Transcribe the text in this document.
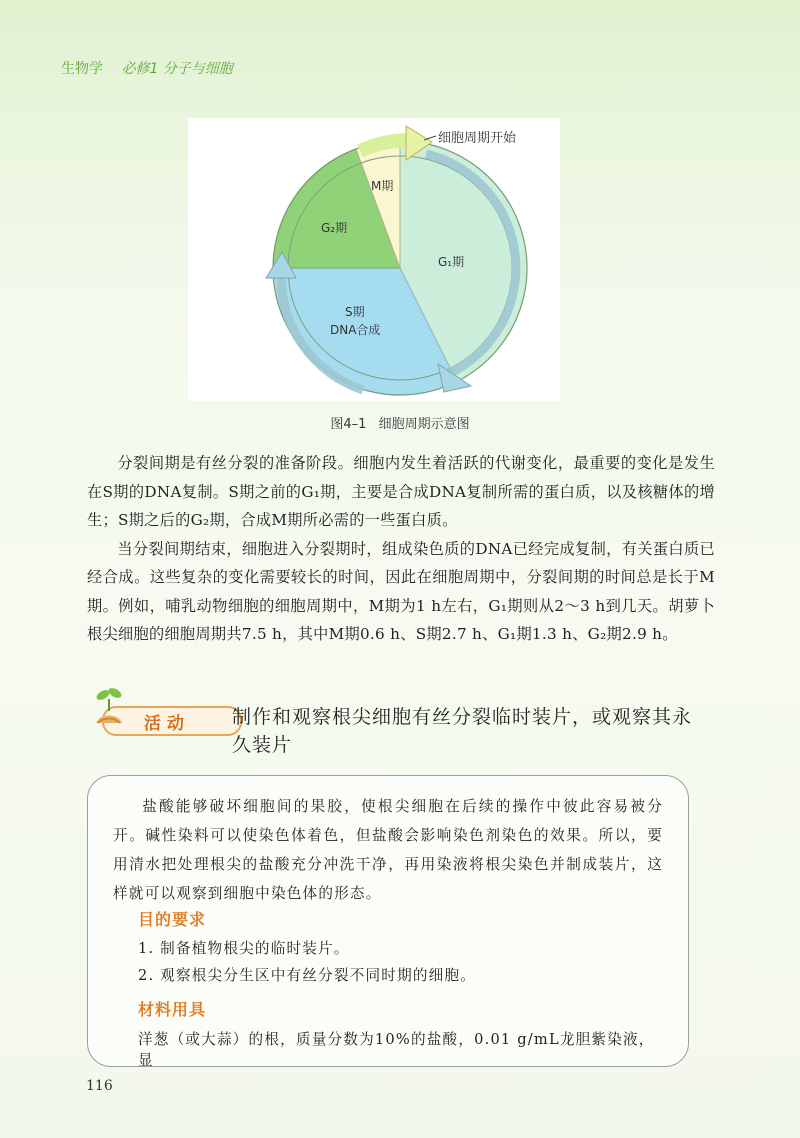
生物学 必修1 分子与细胞
细胞周期开始
M期
G₂期
G₁期
S期
DNA合成
图4–1 细胞周期示意图

分裂间期是有丝分裂的准备阶段。细胞内发生着活跃的代谢变化，最重要的变化是发生在S期的DNA复制。S期之前的G₁期，主要是合成DNA复制所需的蛋白质，以及核糖体的增生；S期之后的G₂期，合成M期所必需的一些蛋白质。

当分裂间期结束，细胞进入分裂期时，组成染色质的DNA已经完成复制，有关蛋白质已经合成。这些复杂的变化需要较长的时间，因此在细胞周期中，分裂间期的时间总是长于M期。例如，哺乳动物细胞的细胞周期中，M期为1 h左右，G₁期则从2～3 h到几天。胡萝卜根尖细胞的细胞周期共7.5 h，其中M期0.6 h、S期2.7 h、G₁期1.3 h、G₂期2.9 h。

活动 制作和观察根尖细胞有丝分裂临时装片，或观察其永久装片

盐酸能够破坏细胞间的果胶，使根尖细胞在后续的操作中彼此容易被分开。碱性染料可以使染色体着色，但盐酸会影响染色剂染色的效果。所以，要用清水把处理根尖的盐酸充分冲洗干净，再用染液将根尖染色并制成装片，这样就可以观察到细胞中染色体的形态。

目的要求
1. 制备植物根尖的临时装片。
2. 观察根尖分生区中有丝分裂不同时期的细胞。
材料用具
洋葱（或大蒜）的根，质量分数为10%的盐酸，0.01 g/mL龙胆紫染液，显
116
